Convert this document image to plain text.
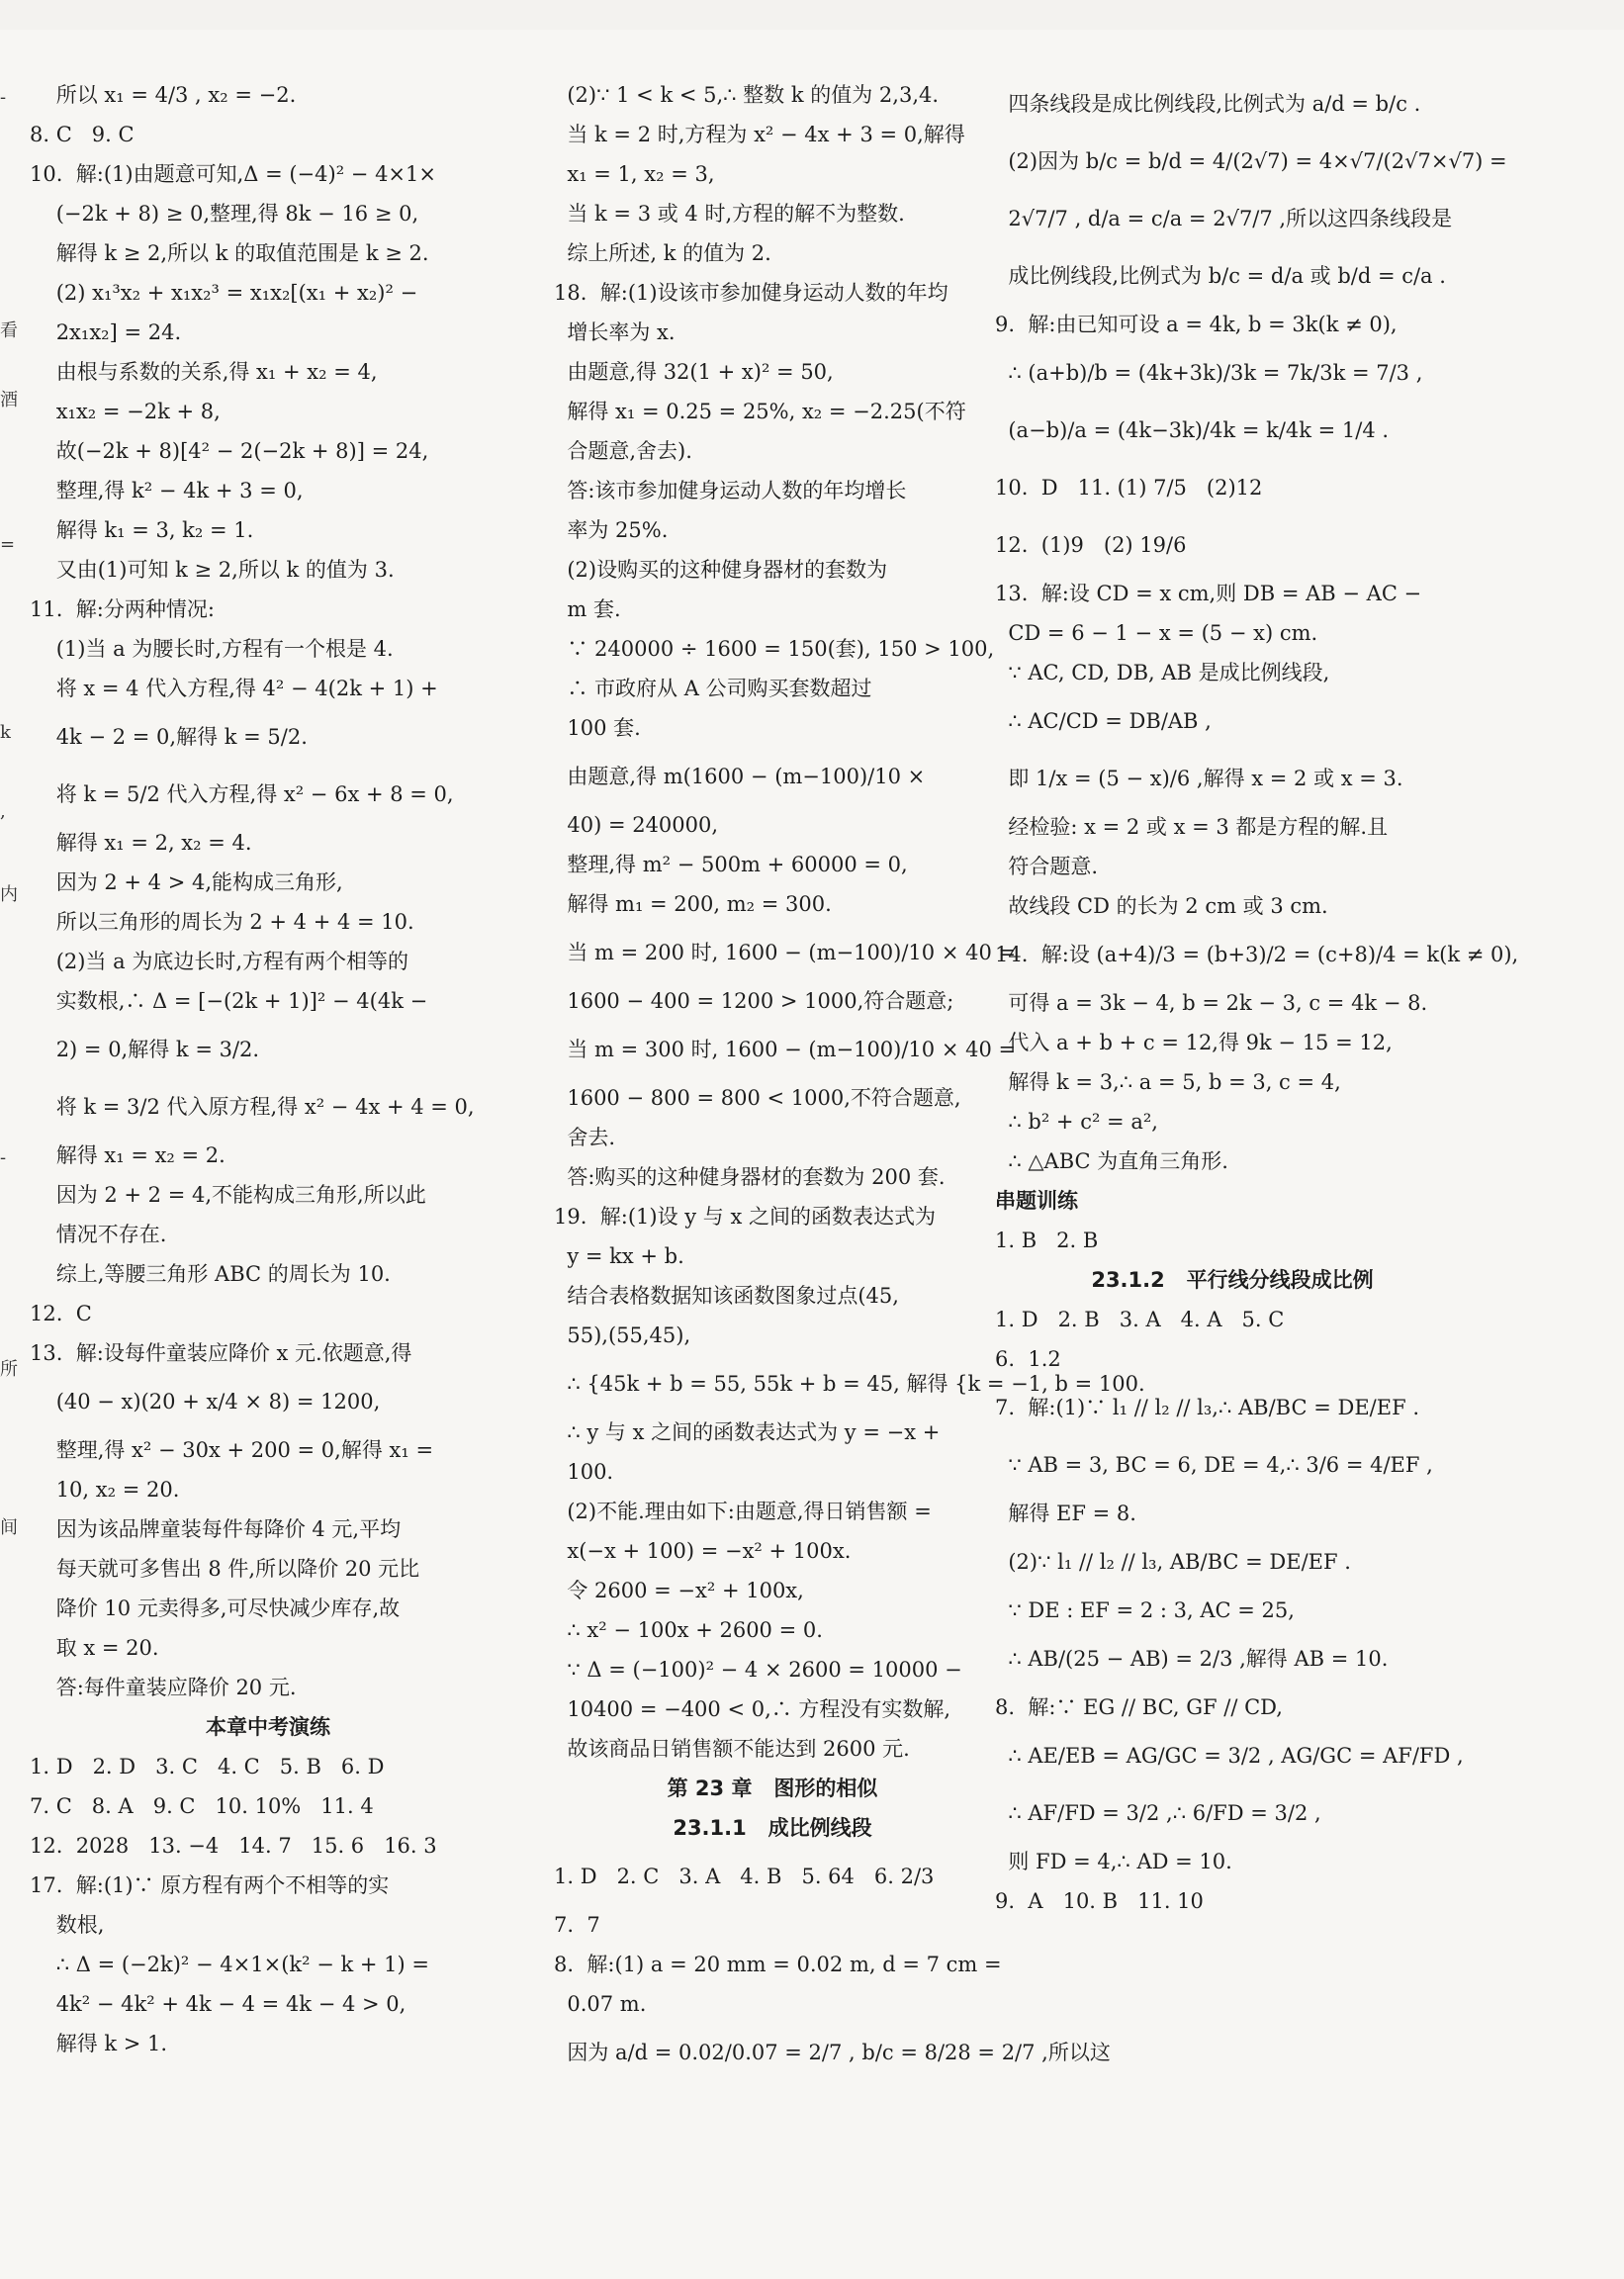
-
看
酒
=
k
,
内
-
所
间
所以 x₁ = 4/3 , x₂ = −2.
8. C   9. C
10.  解:(1)由题意可知,Δ = (−4)² − 4×1×
(−2k + 8) ≥ 0,整理,得 8k − 16 ≥ 0,
解得 k ≥ 2,所以 k 的取值范围是 k ≥ 2.
(2) x₁³x₂ + x₁x₂³ = x₁x₂[(x₁ + x₂)² −
2x₁x₂] = 24.
由根与系数的关系,得 x₁ + x₂ = 4,
x₁x₂ = −2k + 8,
故(−2k + 8)[4² − 2(−2k + 8)] = 24,
整理,得 k² − 4k + 3 = 0,
解得 k₁ = 3, k₂ = 1.
又由(1)可知 k ≥ 2,所以 k 的值为 3.
11.  解:分两种情况:
(1)当 a 为腰长时,方程有一个根是 4.
将 x = 4 代入方程,得 4² − 4(2k + 1) +
4k − 2 = 0,解得 k = 5/2.
将 k = 5/2 代入方程,得 x² − 6x + 8 = 0,
解得 x₁ = 2, x₂ = 4.
因为 2 + 4 > 4,能构成三角形,
所以三角形的周长为 2 + 4 + 4 = 10.
(2)当 a 为底边长时,方程有两个相等的
实数根,∴ Δ = [−(2k + 1)]² − 4(4k −
2) = 0,解得 k = 3/2.
将 k = 3/2 代入原方程,得 x² − 4x + 4 = 0,
解得 x₁ = x₂ = 2.
因为 2 + 2 = 4,不能构成三角形,所以此
情况不存在.
综上,等腰三角形 ABC 的周长为 10.
12.  C
13.  解:设每件童装应降价 x 元.依题意,得
(40 − x)(20 + x/4 × 8) = 1200,
整理,得 x² − 30x + 200 = 0,解得 x₁ =
10, x₂ = 20.
因为该品牌童装每件每降价 4 元,平均
每天就可多售出 8 件,所以降价 20 元比
降价 10 元卖得多,可尽快减少库存,故
取 x = 20.
答:每件童装应降价 20 元.
本章中考演练
1. D   2. D   3. C   4. C   5. B   6. D
7. C   8. A   9. C   10. 10%   11. 4
12.  2028   13. −4   14. 7   15. 6   16. 3
17.  解:(1)∵ 原方程有两个不相等的实
数根,
∴ Δ = (−2k)² − 4×1×(k² − k + 1) =
4k² − 4k² + 4k − 4 = 4k − 4 > 0,
解得 k > 1.
(2)∵ 1 < k < 5,∴ 整数 k 的值为 2,3,4.
当 k = 2 时,方程为 x² − 4x + 3 = 0,解得
x₁ = 1, x₂ = 3,
当 k = 3 或 4 时,方程的解不为整数.
综上所述, k 的值为 2.
18.  解:(1)设该市参加健身运动人数的年均
增长率为 x.
由题意,得 32(1 + x)² = 50,
解得 x₁ = 0.25 = 25%, x₂ = −2.25(不符
合题意,舍去).
答:该市参加健身运动人数的年均增长
率为 25%.
(2)设购买的这种健身器材的套数为
m 套.
∵ 240000 ÷ 1600 = 150(套), 150 > 100,
∴ 市政府从 A 公司购买套数超过
100 套.
由题意,得 m(1600 − (m−100)/10 ×
40) = 240000,
整理,得 m² − 500m + 60000 = 0,
解得 m₁ = 200, m₂ = 300.
当 m = 200 时, 1600 − (m−100)/10 × 40 =
1600 − 400 = 1200 > 1000,符合题意;
当 m = 300 时, 1600 − (m−100)/10 × 40 =
1600 − 800 = 800 < 1000,不符合题意,
舍去.
答:购买的这种健身器材的套数为 200 套.
19.  解:(1)设 y 与 x 之间的函数表达式为
y = kx + b.
结合表格数据知该函数图象过点(45,
55),(55,45),
∴ {45k + b = 55, 55k + b = 45, 解得 {k = −1, b = 100.
∴ y 与 x 之间的函数表达式为 y = −x +
100.
(2)不能.理由如下:由题意,得日销售额 =
x(−x + 100) = −x² + 100x.
令 2600 = −x² + 100x,
∴ x² − 100x + 2600 = 0.
∵ Δ = (−100)² − 4 × 2600 = 10000 −
10400 = −400 < 0,∴ 方程没有实数解,
故该商品日销售额不能达到 2600 元.
第 23 章   图形的相似
23.1.1   成比例线段
1. D   2. C   3. A   4. B   5. 64   6. 2/3
7.  7
8.  解:(1) a = 20 mm = 0.02 m, d = 7 cm =
0.07 m.
因为 a/d = 0.02/0.07 = 2/7 , b/c = 8/28 = 2/7 ,所以这
四条线段是成比例线段,比例式为 a/d = b/c .
(2)因为 b/c = b/d = 4/(2√7) = 4×√7/(2√7×√7) =
2√7/7 , d/a = c/a = 2√7/7 ,所以这四条线段是
成比例线段,比例式为 b/c = d/a 或 b/d = c/a .
9.  解:由已知可设 a = 4k, b = 3k(k ≠ 0),
∴ (a+b)/b = (4k+3k)/3k = 7k/3k = 7/3 ,
(a−b)/a = (4k−3k)/4k = k/4k = 1/4 .
10.  D   11. (1) 7/5   (2)12
12.  (1)9   (2) 19/6
13.  解:设 CD = x cm,则 DB = AB − AC −
CD = 6 − 1 − x = (5 − x) cm.
∵ AC, CD, DB, AB 是成比例线段,
∴ AC/CD = DB/AB ,
即 1/x = (5 − x)/6 ,解得 x = 2 或 x = 3.
经检验: x = 2 或 x = 3 都是方程的解.且
符合题意.
故线段 CD 的长为 2 cm 或 3 cm.
14.  解:设 (a+4)/3 = (b+3)/2 = (c+8)/4 = k(k ≠ 0),
可得 a = 3k − 4, b = 2k − 3, c = 4k − 8.
代入 a + b + c = 12,得 9k − 15 = 12,
解得 k = 3,∴ a = 5, b = 3, c = 4,
∴ b² + c² = a²,
∴ △ABC 为直角三角形.
串题训练
1. B   2. B
23.1.2   平行线分线段成比例
1. D   2. B   3. A   4. A   5. C
6.  1.2
7.  解:(1)∵ l₁ // l₂ // l₃,∴ AB/BC = DE/EF .
∵ AB = 3, BC = 6, DE = 4,∴ 3/6 = 4/EF ,
解得 EF = 8.
(2)∵ l₁ // l₂ // l₃, AB/BC = DE/EF .
∵ DE : EF = 2 : 3, AC = 25,
∴ AB/(25 − AB) = 2/3 ,解得 AB = 10.
8.  解:∵ EG // BC, GF // CD,
∴ AE/EB = AG/GC = 3/2 , AG/GC = AF/FD ,
∴ AF/FD = 3/2 ,∴ 6/FD = 3/2 ,
则 FD = 4,∴ AD = 10.
9.  A   10. B   11. 10
